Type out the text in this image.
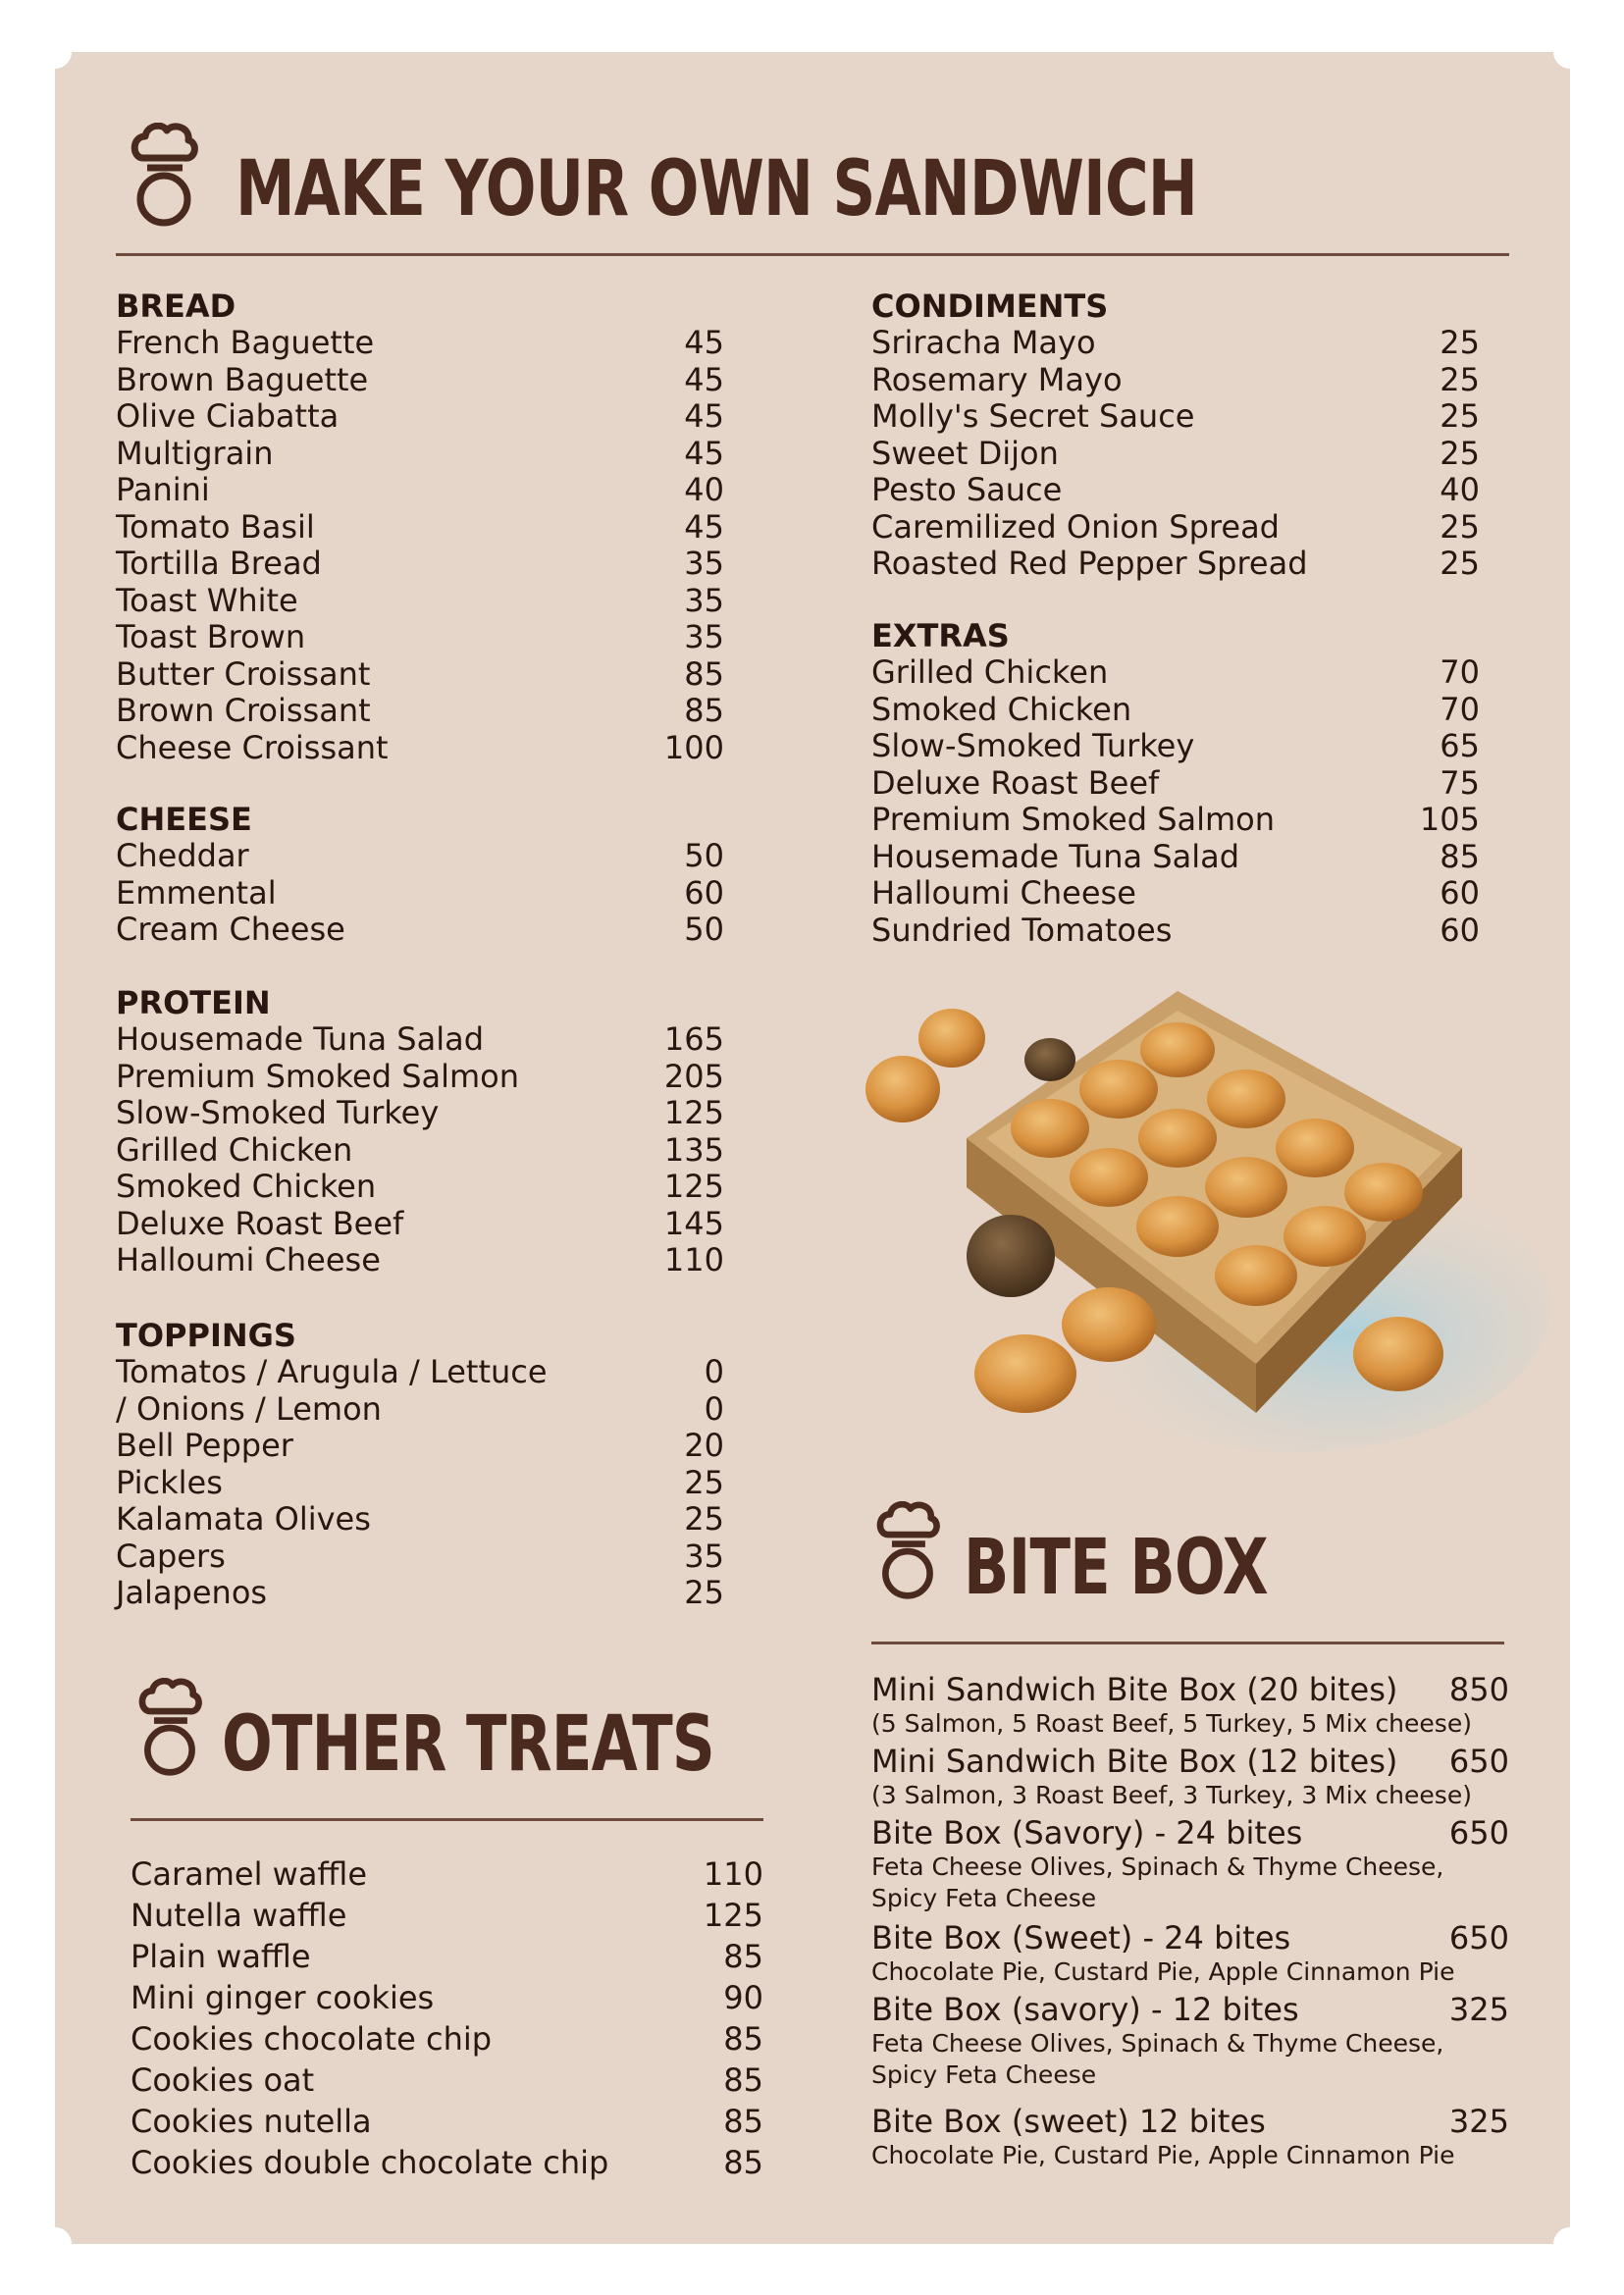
MAKE YOUR OWN SANDWICH
BREAD
French Baguette	45
Brown Baguette	45
Olive Ciabatta	45
Multigrain	45
Panini	40
Tomato Basil	45
Tortilla Bread	35
Toast White	35
Toast Brown	35
Butter Croissant	85
Brown Croissant	85
Cheese Croissant	100
CHEESE
Cheddar	50
Emmental	60
Cream Cheese	50
PROTEIN
Housemade Tuna Salad	165
Premium Smoked Salmon	205
Slow-Smoked Turkey	125
Grilled Chicken	135
Smoked Chicken	125
Deluxe Roast Beef	145
Halloumi Cheese	110
TOPPINGS
Tomatos / Arugula / Lettuce	0
/ Onions / Lemon	0
Bell Pepper	20
Pickles	25
Kalamata Olives	25
Capers	35
Jalapenos	25
CONDIMENTS
Sriracha Mayo	25
Rosemary Mayo	25
Molly's Secret Sauce	25
Sweet Dijon	25
Pesto Sauce	40
Caremilized Onion Spread	25
Roasted Red Pepper Spread	25
EXTRAS
Grilled Chicken	70
Smoked Chicken	70
Slow-Smoked Turkey	65
Deluxe Roast Beef	75
Premium Smoked Salmon	105
Housemade Tuna Salad	85
Halloumi Cheese	60
Sundried Tomatoes	60
BITE BOX
Mini Sandwich Bite Box (20 bites) 850
(5 Salmon, 5 Roast Beef, 5 Turkey, 5 Mix cheese)
Mini Sandwich Bite Box (12 bites) 650
(3 Salmon, 3 Roast Beef, 3 Turkey, 3 Mix cheese)
Bite Box (Savory) - 24 bites	650
Feta Cheese Olives, Spinach & Thyme Cheese,
Spicy Feta Cheese
Bite Box (Sweet) - 24 bites	650
Chocolate Pie, Custard Pie, Apple Cinnamon Pie
Bite Box (savory) - 12 bites	325
Feta Cheese Olives, Spinach & Thyme Cheese,
Spicy Feta Cheese
Bite Box (sweet) 12 bites	325
Chocolate Pie, Custard Pie, Apple Cinnamon Pie
OTHER TREATS
Caramel waffle	110
Nutella waffle	125
Plain waffle	85
Mini ginger cookies	90
Cookies chocolate chip	85
Cookies oat	85
Cookies nutella	85
Cookies double chocolate chip	85
